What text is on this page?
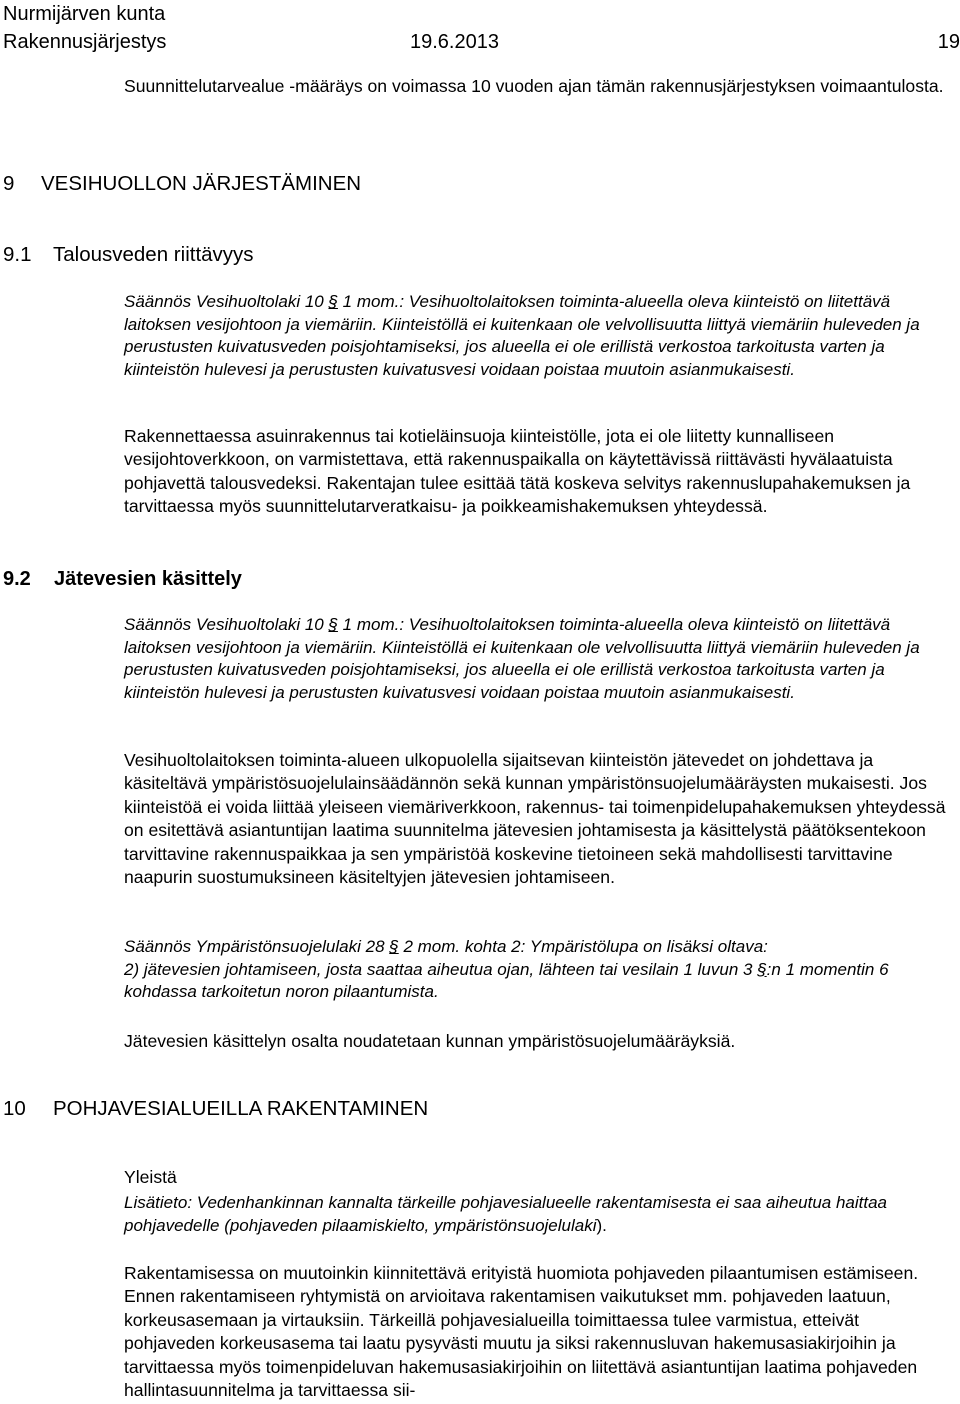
Nurmijärven kunta
Rakennusjärjestys	19.6.2013	19

Suunnittelutarvealue -määräys on voimassa 10 vuoden ajan tämän rakennusjärjestyksen voimaantulosta.

9 VESIHUOLLON JÄRJESTÄMINEN
9.1 Talousveden riittävyys

Säännös Vesihuoltolaki 10 § 1 mom.: Vesihuoltolaitoksen toiminta-alueella oleva kiinteistö on liitettävä laitoksen vesijohtoon ja viemäriin. Kiinteistöllä ei kuitenkaan ole velvollisuutta liittyä viemäriin huleveden ja perustusten kuivatusveden poisjohtamiseksi, jos alueella ei ole erillistä verkostoa tarkoitusta varten ja kiinteistön hulevesi ja perustusten kuivatusvesi voidaan poistaa muutoin asianmukaisesti.

Rakennettaessa asuinrakennus tai kotieläinsuoja kiinteistölle, jota ei ole liitetty kunnalliseen vesijohtoverkkoon, on varmistettava, että rakennuspaikalla on käytettävissä riittävästi hyvälaatuista pohjavettä talousvedeksi. Rakentajan tulee esittää tätä koskeva selvitys rakennuslupahakemuksen ja tarvittaessa myös suunnittelutarveratkaisu- ja poikkeamishakemuksen yhteydessä.

9.2 Jätevesien käsittely

Säännös Vesihuoltolaki 10 § 1 mom.: Vesihuoltolaitoksen toiminta-alueella oleva kiinteistö on liitettävä laitoksen vesijohtoon ja viemäriin. Kiinteistöllä ei kuitenkaan ole velvollisuutta liittyä viemäriin huleveden ja perustusten kuivatusveden poisjohtamiseksi, jos alueella ei ole erillistä verkostoa tarkoitusta varten ja kiinteistön hulevesi ja perustusten kuivatusvesi voidaan poistaa muutoin asianmukaisesti.

Vesihuoltolaitoksen toiminta-alueen ulkopuolella sijaitsevan kiinteistön jätevedet on johdettava ja käsiteltävä ympäristösuojelulainsäädännön sekä kunnan ympäristönsuojelumääräysten mukaisesti. Jos kiinteistöä ei voida liittää yleiseen viemäriverkkoon, rakennus- tai toimenpidelupahakemuksen yhteydessä on esitettävä asiantuntijan laatima suunnitelma jätevesien johtamisesta ja käsittelystä päätöksentekoon tarvittavine rakennuspaikkaa ja sen ympäristöä koskevine tietoineen sekä mahdollisesti tarvittavine naapurin suostumuksineen käsiteltyjen jätevesien johtamiseen.

Säännös Ympäristönsuojelulaki 28 § 2 mom. kohta 2: Ympäristölupa on lisäksi oltava:
2) jätevesien johtamiseen, josta saattaa aiheutua ojan, lähteen tai vesilain 1 luvun 3 §:n 1 momentin 6 kohdassa tarkoitetun noron pilaantumista.

Jätevesien käsittelyn osalta noudatetaan kunnan ympäristösuojelumääräyksiä.

10 POHJAVESIALUEILLA RAKENTAMINEN

Yleistä

Lisätieto: Vedenhankinnan kannalta tärkeille pohjavesialueelle rakentamisesta ei saa aiheutua haittaa pohjavedelle (pohjaveden pilaamiskielto, ympäristönsuojelulaki).

Rakentamisessa on muutoinkin kiinnitettävä erityistä huomiota pohjaveden pilaantumisen estämiseen. Ennen rakentamiseen ryhtymistä on arvioitava rakentamisen vaikutukset mm. pohjaveden laatuun, korkeusasemaan ja virtauksiin. Tärkeillä pohjavesialueilla toimittaessa tulee varmistua, etteivät pohjaveden korkeusasema tai laatu pysyvästi muutu ja siksi rakennusluvan hakemusasiakirjoihin ja tarvittaessa myös toimenpideluvan hakemusasiakirjoihin on liitettävä asiantuntijan laatima pohjaveden hallintasuunnitelma ja tarvittaessa sii-
